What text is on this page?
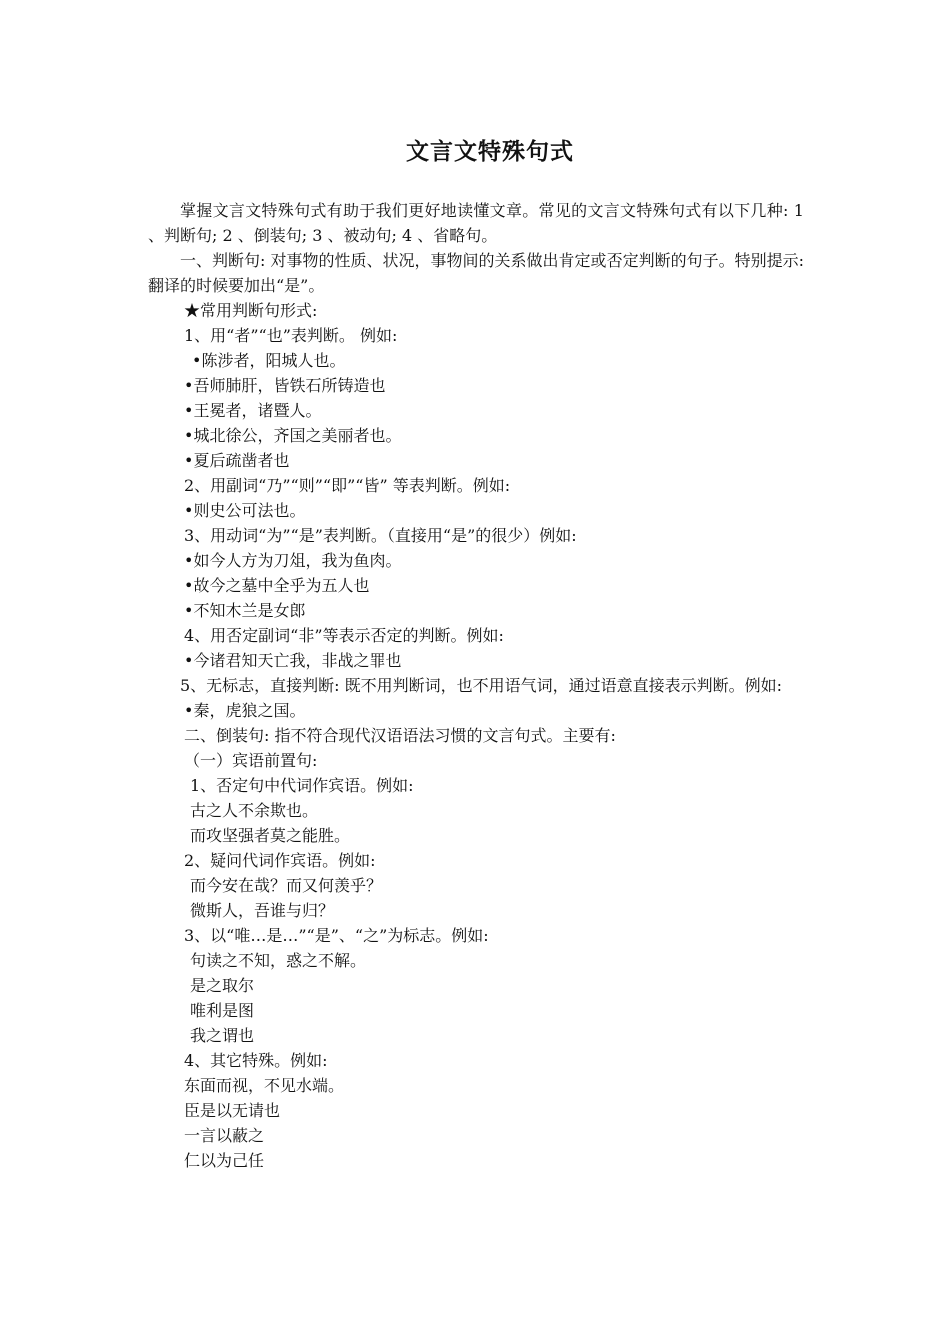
文言文特殊句式
掌握文言文特殊句式有助于我们更好地读懂文章。常见的文言文特殊句式有以下几种: 1 、判断句; 2 、倒装句; 3 、被动句; 4 、省略句。
一、判断句: 对事物的性质、状况，事物间的关系做出肯定或否定判断的句子。特别提示: 翻译的时候要加出“是”。
★常用判断句形式:
1、用“者”“也”表判断。 例如:
•陈涉者，阳城人也。
•吾师肺肝，皆铁石所铸造也
•王冕者，诸暨人。
•城北徐公，齐国之美丽者也。
•夏后疏凿者也
2、用副词“乃”“则”“即”“皆” 等表判断。例如:
•则史公可法也。
3、用动词“为”“是”表判断。（直接用“是”的很少）例如:
•如今人方为刀俎，我为鱼肉。
•故今之墓中全乎为五人也
•不知木兰是女郎
4、用否定副词“非”等表示否定的判断。例如:
•今诸君知天亡我，非战之罪也
5、无标志，直接判断: 既不用判断词，也不用语气词，通过语意直接表示判断。例如:
•秦，虎狼之国。
二、倒装句: 指不符合现代汉语语法习惯的文言句式。主要有:
（一）宾语前置句:
1、否定句中代词作宾语。例如:
古之人不余欺也。
而攻坚强者莫之能胜。
2、疑问代词作宾语。例如:
而今安在哉？而又何羡乎？
微斯人，吾谁与归？
3、以“唯…是…”“是”、“之”为标志。例如:
句读之不知，惑之不解。
是之取尔
唯利是图
我之谓也
4、其它特殊。例如:
东面而视，不见水端。
臣是以无请也
一言以蔽之
仁以为己任
